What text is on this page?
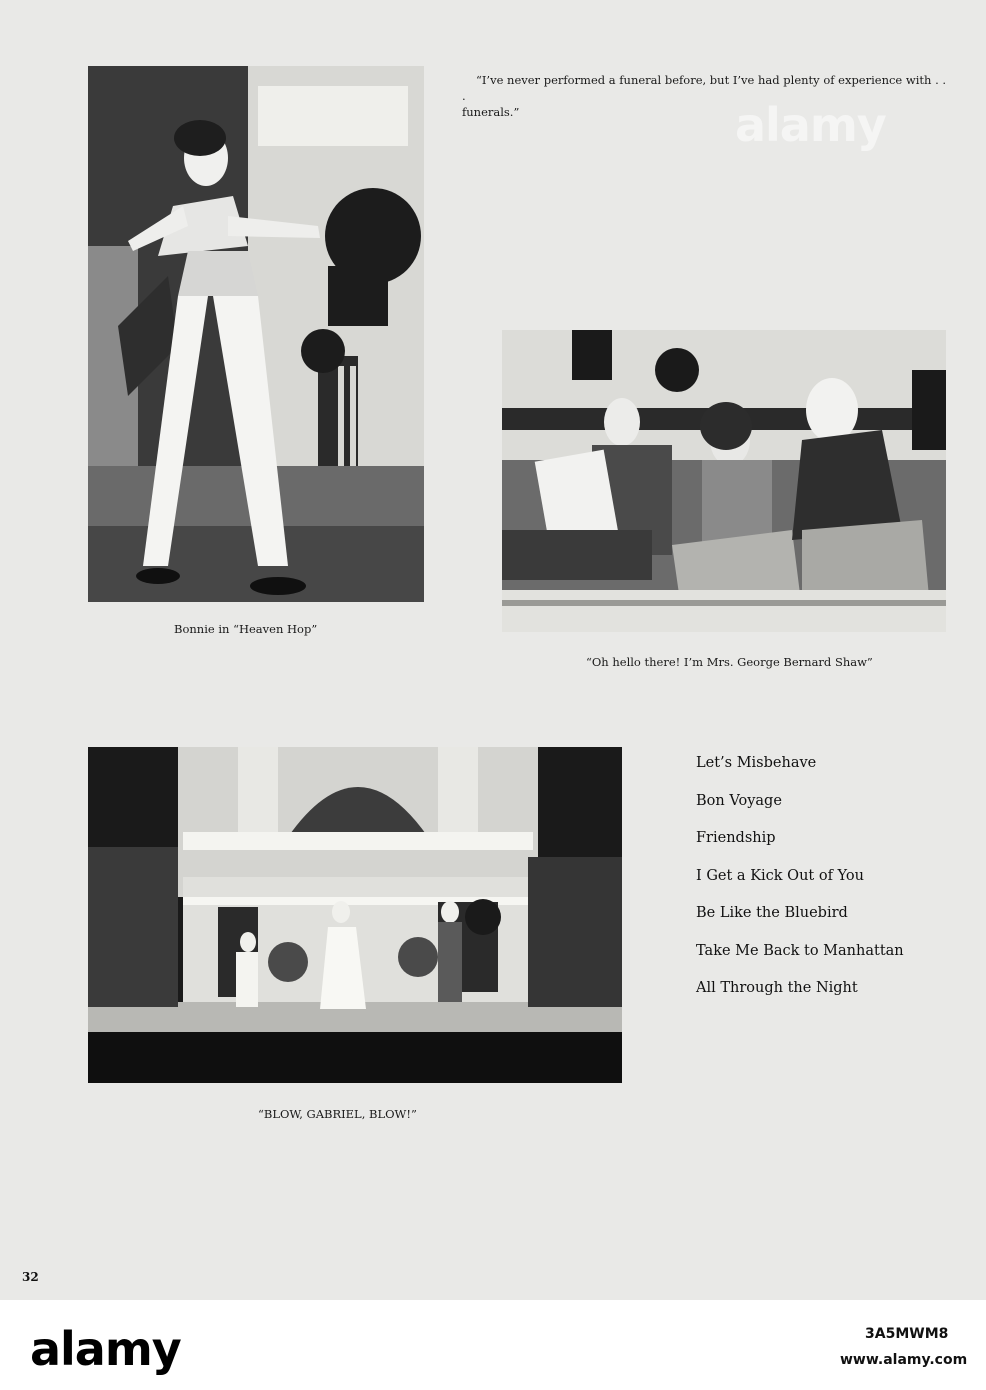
Bonnie in “Heaven Hop”
“I’ve never performed a funeral before, but I’ve had plenty of experience with . . .
funerals.”	alamy
“Oh hello there! I’m Mrs. George Bernard Shaw”
“BLOW, GABRIEL, BLOW!”
Let’s Misbehave
Bon Voyage
Friendship
I Get a Kick Out of You
Be Like the Bluebird
Take Me Back to Manhattan
All Through the Night
32
alamy	3A5MWM8
www.alamy.com
